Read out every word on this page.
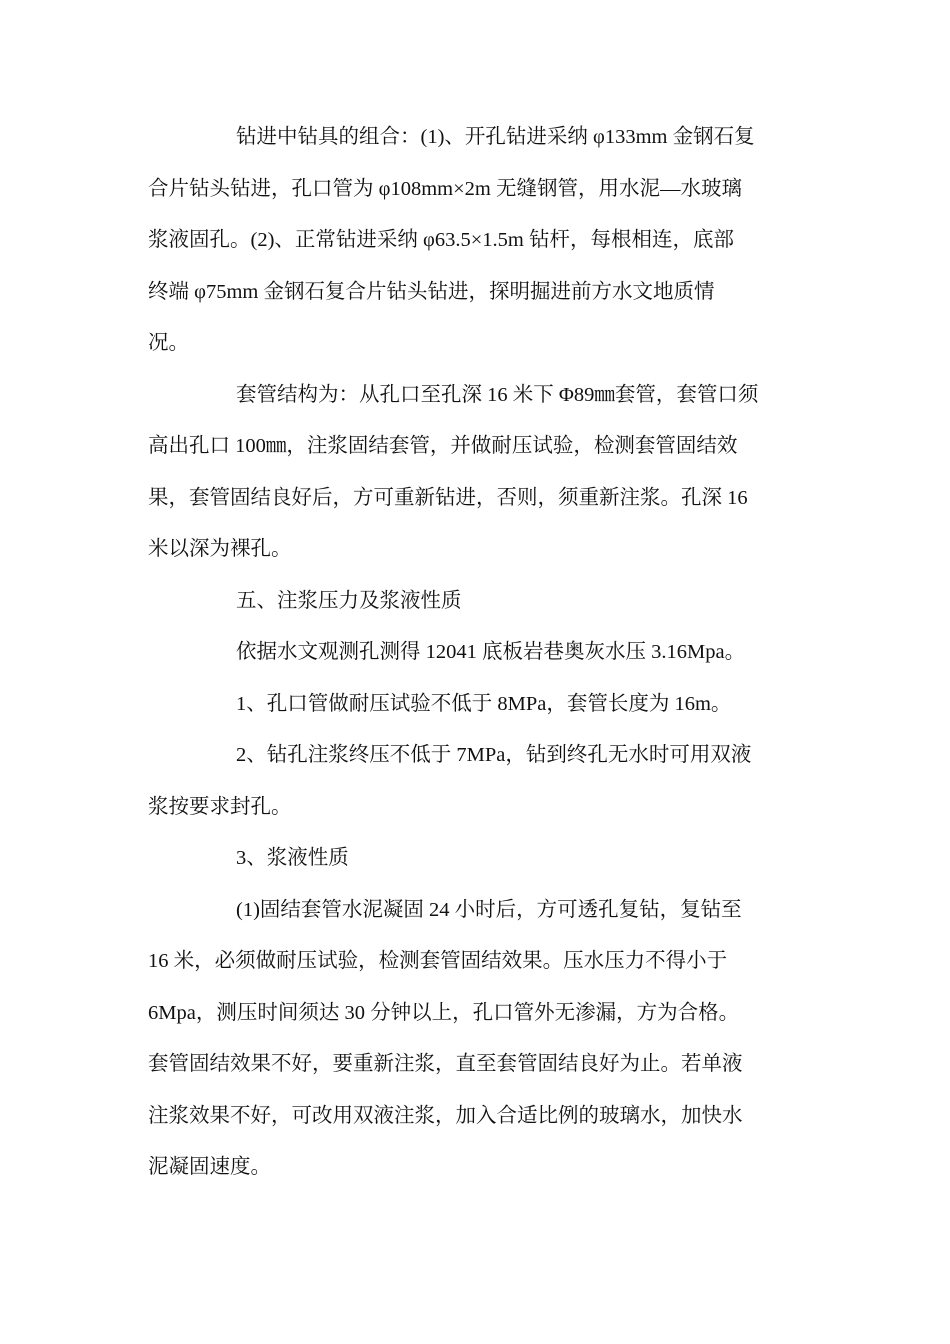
钻进中钻具的组合：(1)、开孔钻进采纳 φ133mm 金钢石复
合片钻头钻进，孔口管为 φ108mm×2m 无缝钢管，用水泥—水玻璃
浆液固孔。(2)、正常钻进采纳 φ63.5×1.5m 钻杆，每根相连，底部
终端 φ75mm 金钢石复合片钻头钻进，探明掘进前方水文地质情
况。
套管结构为：从孔口至孔深 16 米下 Φ89㎜套管，套管口须
高出孔口 100㎜，注浆固结套管，并做耐压试验，检测套管固结效
果，套管固结良好后，方可重新钻进，否则，须重新注浆。孔深 16
米以深为裸孔。
五、注浆压力及浆液性质
依据水文观测孔测得 12041 底板岩巷奥灰水压 3.16Mpa。
1、孔口管做耐压试验不低于 8MPa，套管长度为 16m。
2、钻孔注浆终压不低于 7MPa，钻到终孔无水时可用双液
浆按要求封孔。
3、浆液性质
(1)固结套管水泥凝固 24 小时后，方可透孔复钻，复钻至
16 米，必须做耐压试验，检测套管固结效果。压水压力不得小于
6Mpa，测压时间须达 30 分钟以上，孔口管外无渗漏，方为合格。
套管固结效果不好，要重新注浆，直至套管固结良好为止。若单液
注浆效果不好，可改用双液注浆，加入合适比例的玻璃水，加快水
泥凝固速度。
